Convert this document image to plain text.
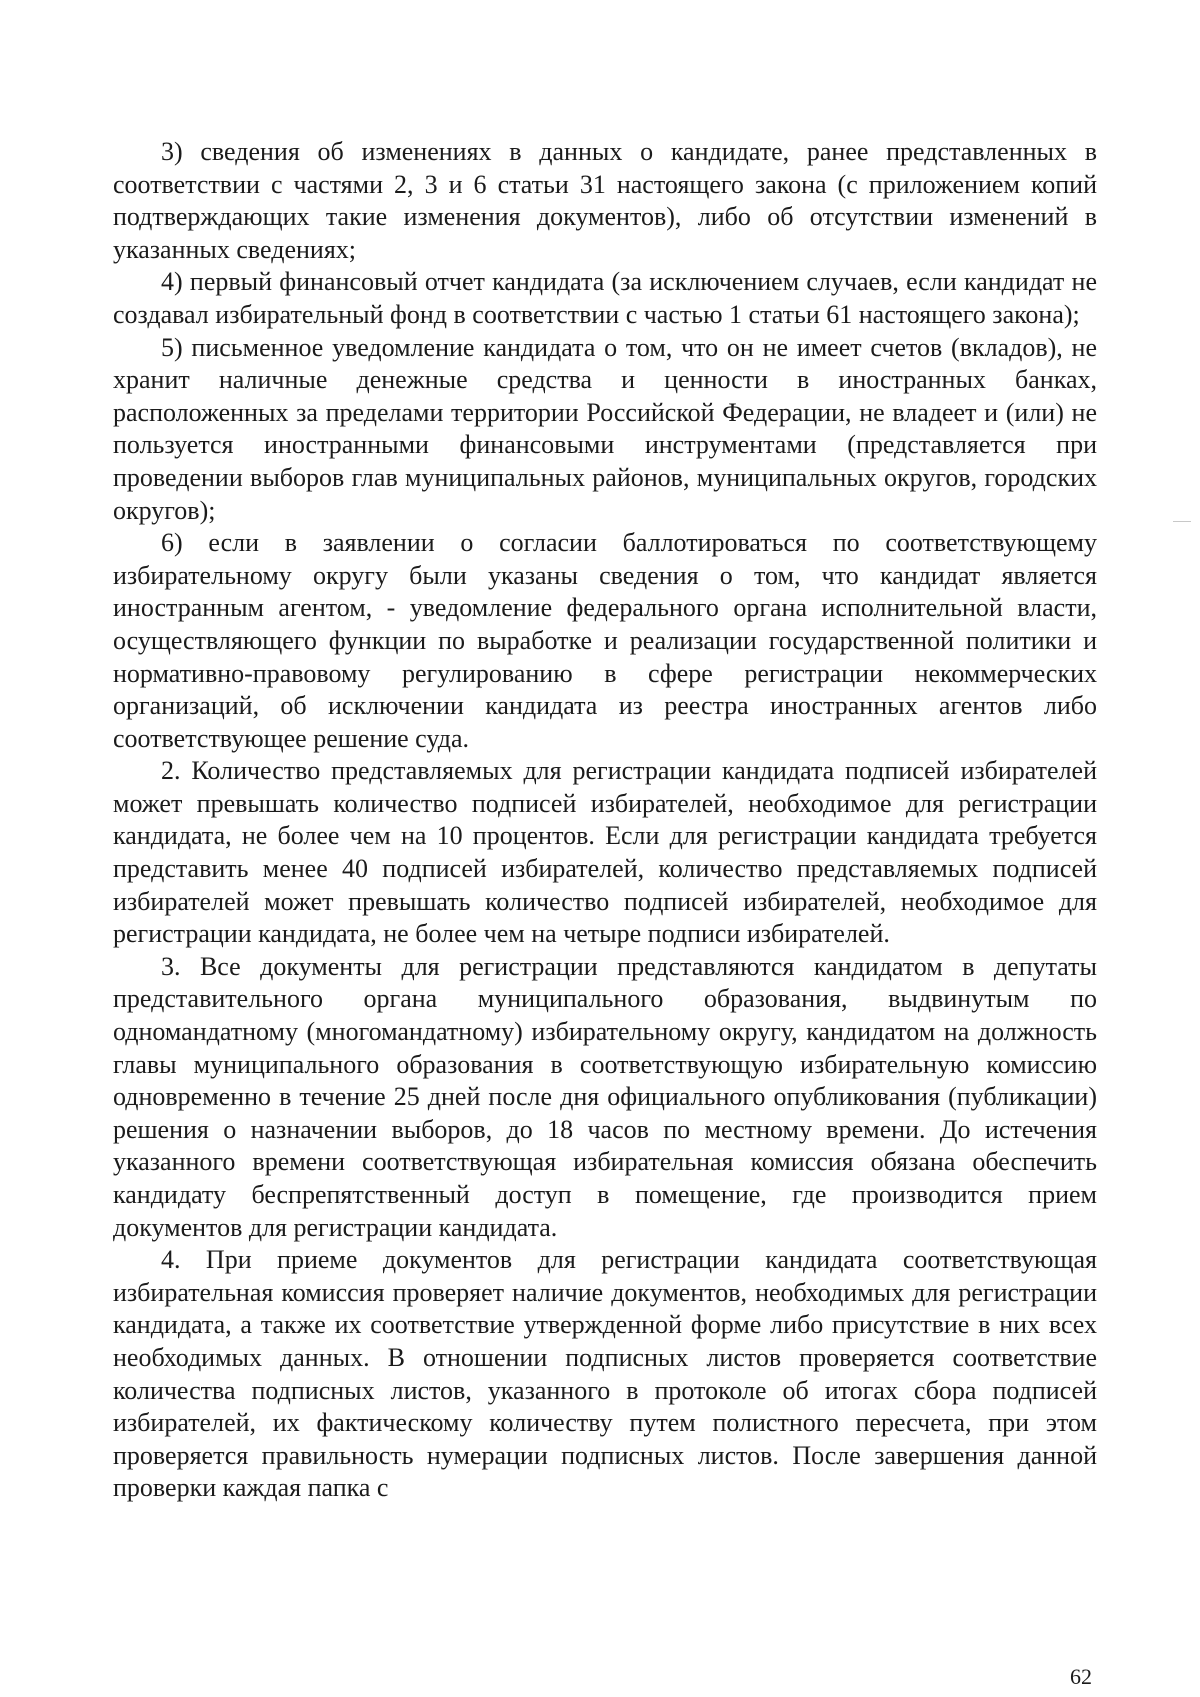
3) сведения об изменениях в данных о кандидате, ранее представленных в соответствии с частями 2, 3 и 6 статьи 31 настоящего закона (с приложением копий подтверждающих такие изменения документов), либо об отсутствии изменений в указанных сведениях;

4) первый финансовый отчет кандидата (за исключением случаев, если кандидат не создавал избирательный фонд в соответствии с частью 1 статьи 61 настоящего закона);

5) письменное уведомление кандидата о том, что он не имеет счетов (вкладов), не хранит наличные денежные средства и ценности в иностранных банках, расположенных за пределами территории Российской Федерации, не владеет и (или) не пользуется иностранными финансовыми инструментами (представляется при проведении выборов глав муниципальных районов, муниципальных округов, городских округов);

6) если в заявлении о согласии баллотироваться по соответствующему избирательному округу были указаны сведения о том, что кандидат является иностранным агентом, - уведомление федерального органа исполнительной власти, осуществляющего функции по выработке и реализации государственной политики и нормативно-правовому регулированию в сфере регистрации некоммерческих организаций, об исключении кандидата из реестра иностранных агентов либо соответствующее решение суда.

2. Количество представляемых для регистрации кандидата подписей избирателей может превышать количество подписей избирателей, необходимое для регистрации кандидата, не более чем на 10 процентов. Если для регистрации кандидата требуется представить менее 40 подписей избирателей, количество представляемых подписей избирателей может превышать количество подписей избирателей, необходимое для регистрации кандидата, не более чем на четыре подписи избирателей.

3. Все документы для регистрации представляются кандидатом в депутаты представительного органа муниципального образования, выдвинутым по одномандатному (многомандатному) избирательному округу, кандидатом на должность главы муниципального образования в соответствующую избирательную комиссию одновременно в течение 25 дней после дня официального опубликования (публикации) решения о назначении выборов, до 18 часов по местному времени. До истечения указанного времени соответствующая избирательная комиссия обязана обеспечить кандидату беспрепятственный доступ в помещение, где производится прием документов для регистрации кандидата.

4. При приеме документов для регистрации кандидата соответствующая избирательная комиссия проверяет наличие документов, необходимых для регистрации кандидата, а также их соответствие утвержденной форме либо присутствие в них всех необходимых данных. В отношении подписных листов проверяется соответствие количества подписных листов, указанного в протоколе об итогах сбора подписей избирателей, их фактическому количеству путем полистного пересчета, при этом проверяется правильность нумерации подписных листов. После завершения данной проверки каждая папка с

62
